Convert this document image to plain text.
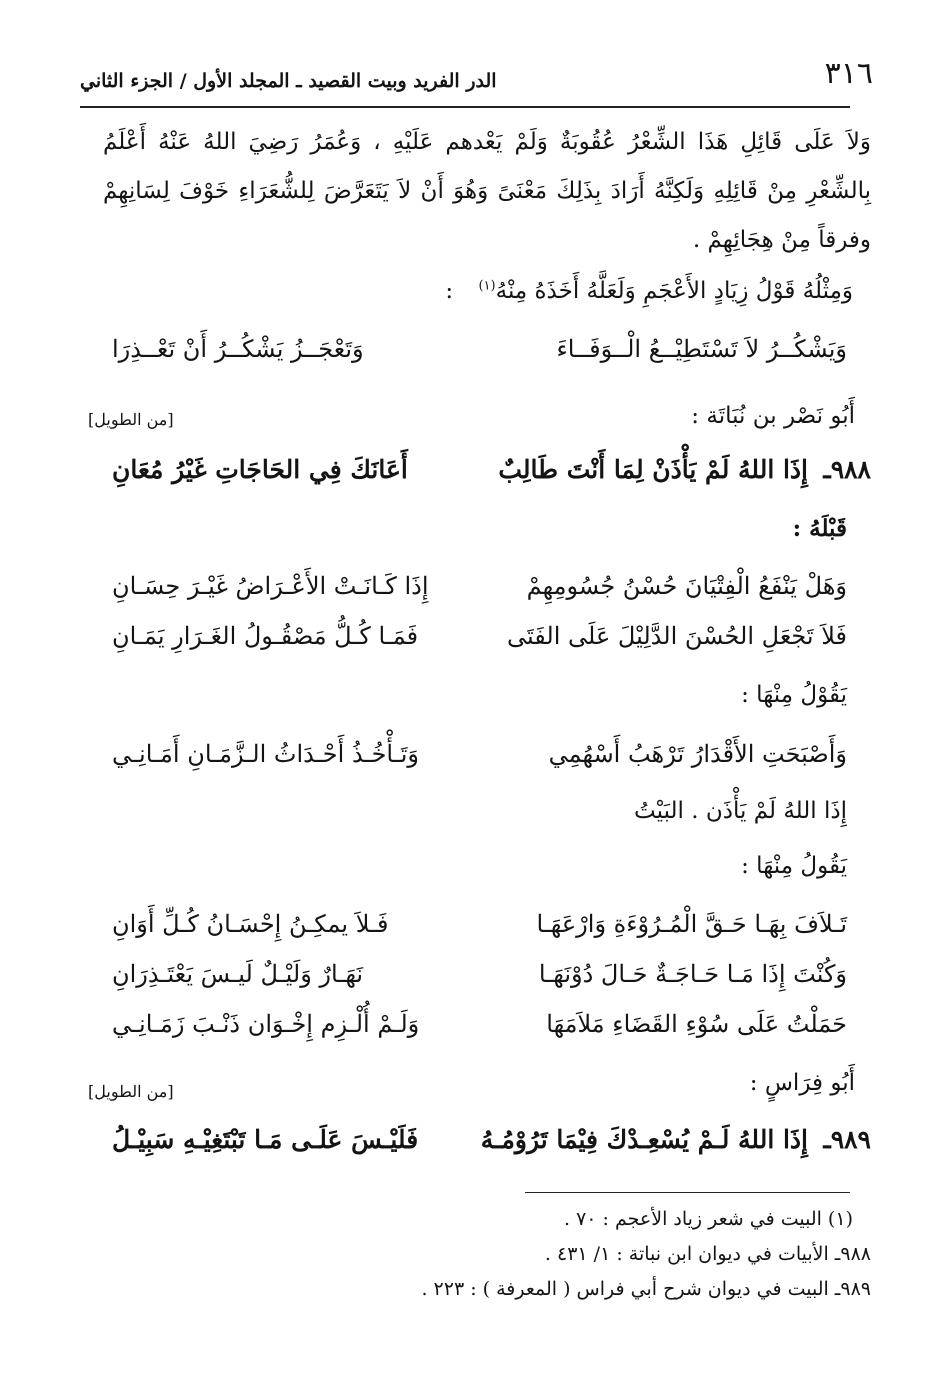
٣١٦
الدر الفريد وبيت القصيد ـ المجلد الأول / الجزء الثاني
وَلاَ عَلَى قَائِلِ هَذَا الشِّعْرُ عُقُوبَةٌ وَلَمْ يَعْدهم عَلَيْهِ ، وَعُمَرُ رَضِيَ اللهُ عَنْهُ أَعْلَمُ بِالشِّعْرِ مِنْ قَائِلِهِ وَلَكِنَّهُ أَرَادَ بِذَلِكَ مَعْنَىً وَهُوَ أَنْ لاَ يَتَعَرَّضَ لِلشُّعَرَاءِ خَوْفَ لِسَانِهِمْ وفرقاً مِنْ هِجَائِهِمْ .
وَمِثْلُهُ قَوْلُ زِيَادٍ الأَعْجَمِ وَلَعَلَّهُ أَخَذَهُ مِنْهُ$^{(١)}$ :
وَيَشْكُــرُ لاَ تَسْتَطِيْــعُ الْــوَفَــاءَ
وَتَعْجَــزُ يَشْكُــرُ أَنْ تَعْــذِرَا
أَبُو نَصْر بن نُبَاتَة :
[من الطويل]
٩٨٨ـ
إِذَا اللهُ لَمْ يَأْذَنْ لِمَا أَنْتَ طَالِبٌ
أَعَانَكَ فِي الحَاجَاتِ غَيْرُ مُعَانِ
قَبْلَهُ :
وَهَلْ يَنْفَعُ الْفِتْيَانَ حُسْنُ جُسُومِهِمْ
إِذَا كَـانَـتْ الأَعْـرَاضُ غَيْـرَ حِسَـانِ
فَلاَ تَجْعَلِ الحُسْنَ الدَّلِيْلَ عَلَى الفَتَى
فَمَـا كُـلُّ مَصْقُـولُ الغَـرَارِ يَمَـانِ
يَقُوْلُ مِنْهَا :
وَأَصْبَحَتِ الأَقْدَارُ تَرْهَبُ أَسْهُمِي
وَتَـأْخُـذُ أَحْـدَاثُ الـزَّمَـانِ أَمَـانِـي
إِذَا اللهُ لَمْ يَأْذَن . البَيْتُ
يَقُولُ مِنْهَا :
تَـلاَفَ بِهَـا حَـقَّ الْمُـرُوْءَةِ وَارْعَهَـا
فَـلاَ يمكِـنُ إِحْسَـانُ كُـلِّ أَوَانِ
وَكُنْتَ إِذَا مَـا حَـاجَـةٌ حَـالَ دُوْنَهَـا
نَهَـارٌ وَلَيْـلٌ لَيـسَ يَعْتَـذِرَانِ
حَمَلْتُ عَلَى سُوْءِ القَضَاءِ مَلاَمَهَا
وَلَـمْ أُلْـزِم إِخْـوَان ذَنْـبَ زَمَـانِـي
أَبُو فِرَاسٍ :
[من الطويل]
٩٨٩ـ
إِذَا اللهُ لَـمْ يُسْعِـدْكَ فِيْمَا تَرُوْمُـهُ
فَلَيْـسَ عَلَـى مَـا تَبْتَغِيْـهِ سَبِيْـلُ
(١) البيت في شعر زياد الأعجم : ٧٠ .
٩٨٨ـ الأبيات في ديوان ابن نباتة : ١/ ٤٣١ .
٩٨٩ـ البيت في ديوان شرح أبي فراس ( المعرفة ) : ٢٢٣ .
